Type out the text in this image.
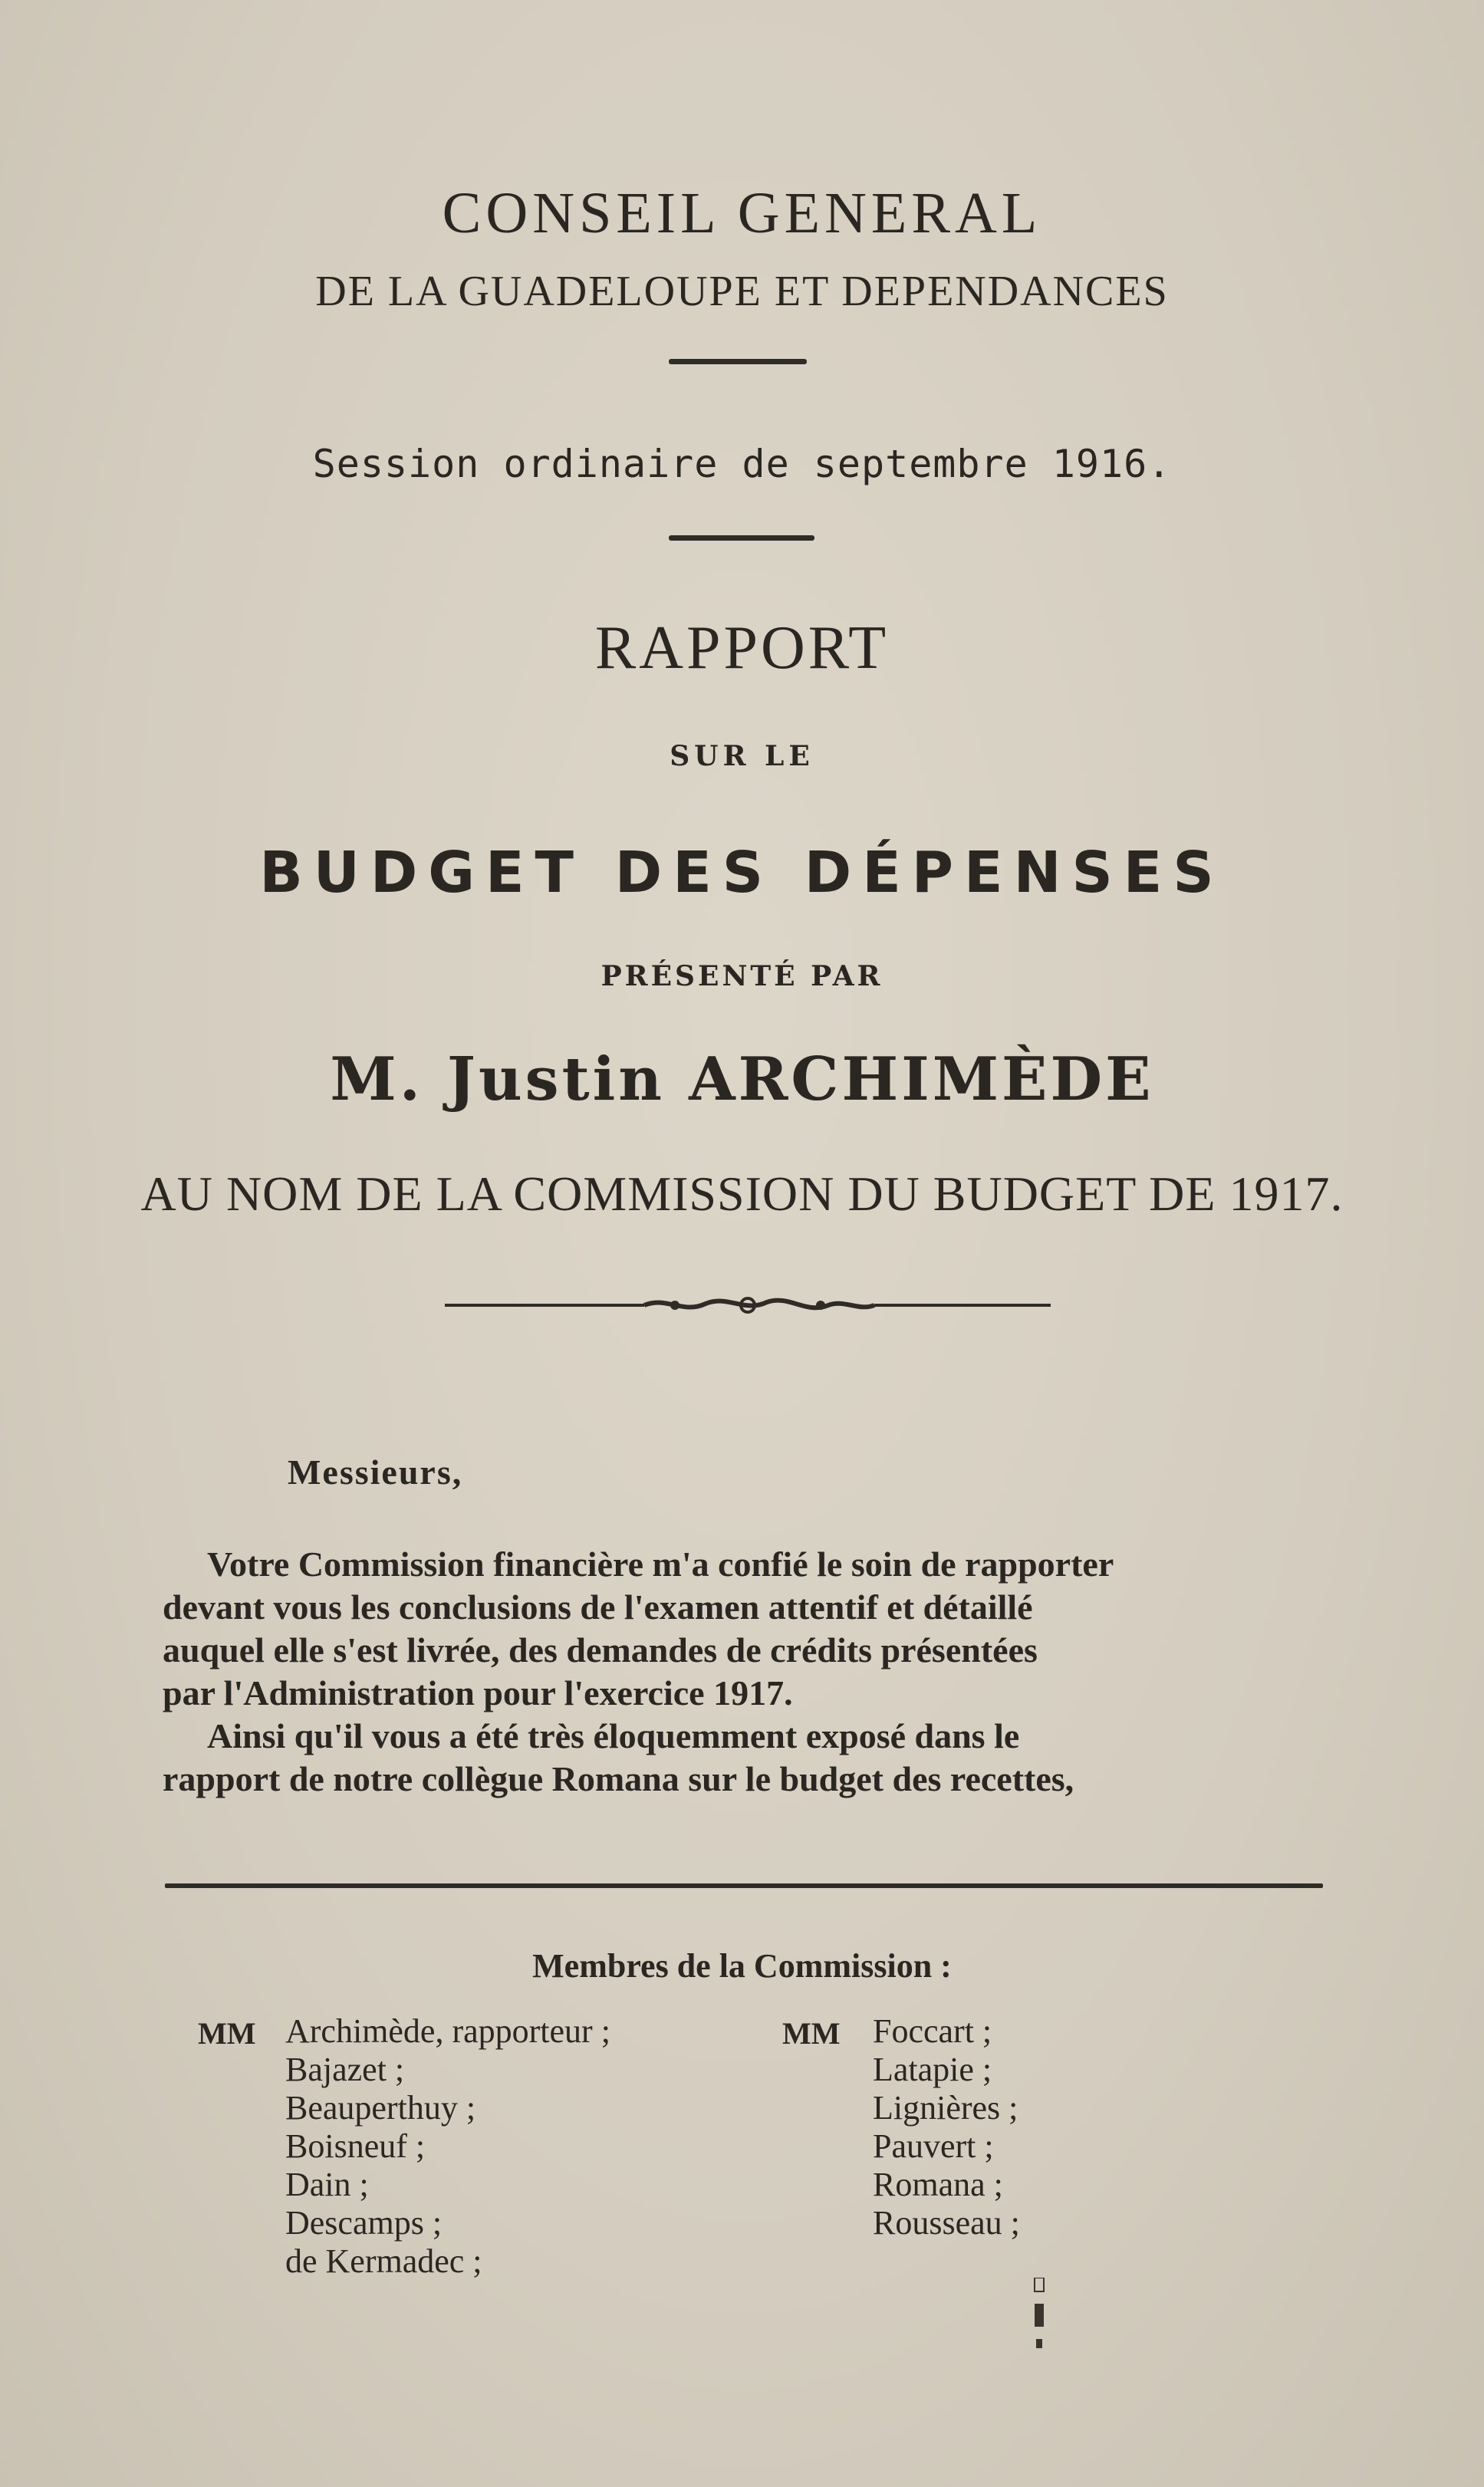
CONSEIL GENERAL
DE LA GUADELOUPE ET DEPENDANCES
Session ordinaire de septembre 1916.
RAPPORT
SUR LE
BUDGET DES DÉPENSES
PRÉSENTÉ PAR
M. Justin ARCHIMÈDE
AU NOM DE LA COMMISSION DU BUDGET DE 1917.
Messieurs,
Votre Commission financière m'a confié le soin de rapporter
devant vous les conclusions de l'examen attentif et détaillé
auquel elle s'est livrée, des demandes de crédits présentées
par l'Administration pour l'exercice 1917.
Ainsi qu'il vous a été très éloquemment exposé dans le
rapport de notre collègue Romana sur le budget des recettes,
Membres de la Commission :
MM Archimède, rapporteur ;
Bajazet ;
Beauperthuy ;
Boisneuf ;
Dain ;
Descamps ;
de Kermadec ;
MM Foccart ;
Latapie ;
Lignières ;
Pauvert ;
Romana ;
Rousseau ;
